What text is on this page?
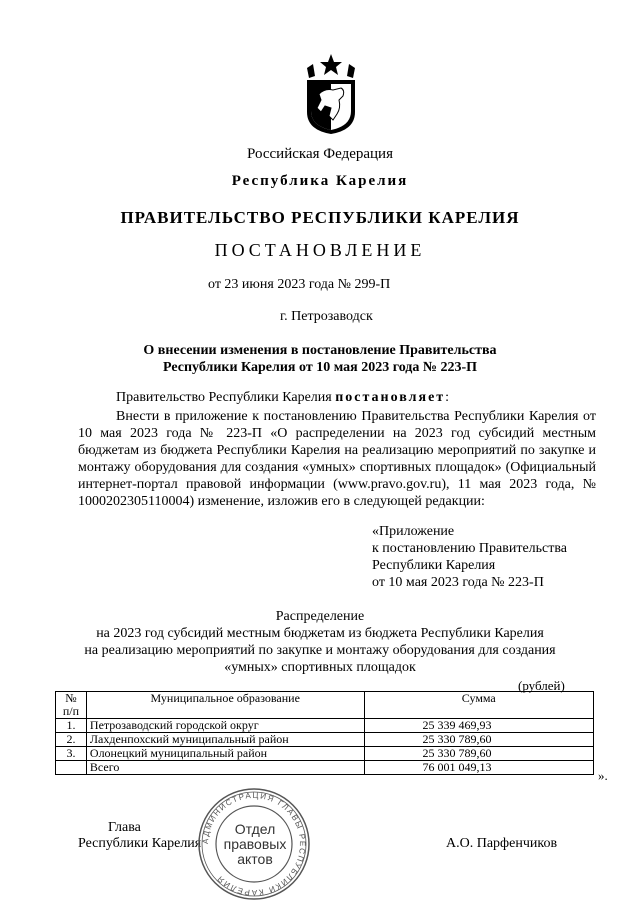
Российская Федерация
Республика Карелия
ПРАВИТЕЛЬСТВО РЕСПУБЛИКИ КАРЕЛИЯ
ПОСТАНОВЛЕНИЕ
от 23 июня 2023 года № 299-П
г. Петрозаводск
О внесении изменения в постановление Правительства
Республики Карелия от 10 мая 2023 года № 223-П
Правительство Республики Карелия постановляет:
Внести в приложение к постановлению Правительства Республики Карелия от 10 мая 2023 года № 223-П «О распределении на 2023 год субсидий местным бюджетам из бюджета Республики Карелия на реализацию мероприятий по закупке и монтажу оборудования для создания «умных» спортивных площадок» (Официальный интернет-портал правовой информации (www.pravo.gov.ru), 11 мая 2023 года, № 1000202305110004) изменение, изложив его в следующей редакции:
«Приложение
к постановлению Правительства
Республики Карелия
от 10 мая 2023 года № 223-П
Распределение
на 2023 год субсидий местным бюджетам из бюджета Республики Карелия
на реализацию мероприятий по закупке и монтажу оборудования для создания
«умных» спортивных площадок
(рублей)
№ п/п	Муниципальное образование	Сумма
1.	Петрозаводский городской округ	25 339 469,93
2.	Лахденпохский муниципальный район	25 330 789,60
3.	Олонецкий муниципальный район	25 330 789,60
	Всего	76 001 049,13
».
Глава
Республики Карелия	А.О. Парфенчиков
АДМИНИСТРАЦИЯ ГЛАВЫ РЕСПУБЛИКИ КАРЕЛИЯ
Отдел
правовых
актов
